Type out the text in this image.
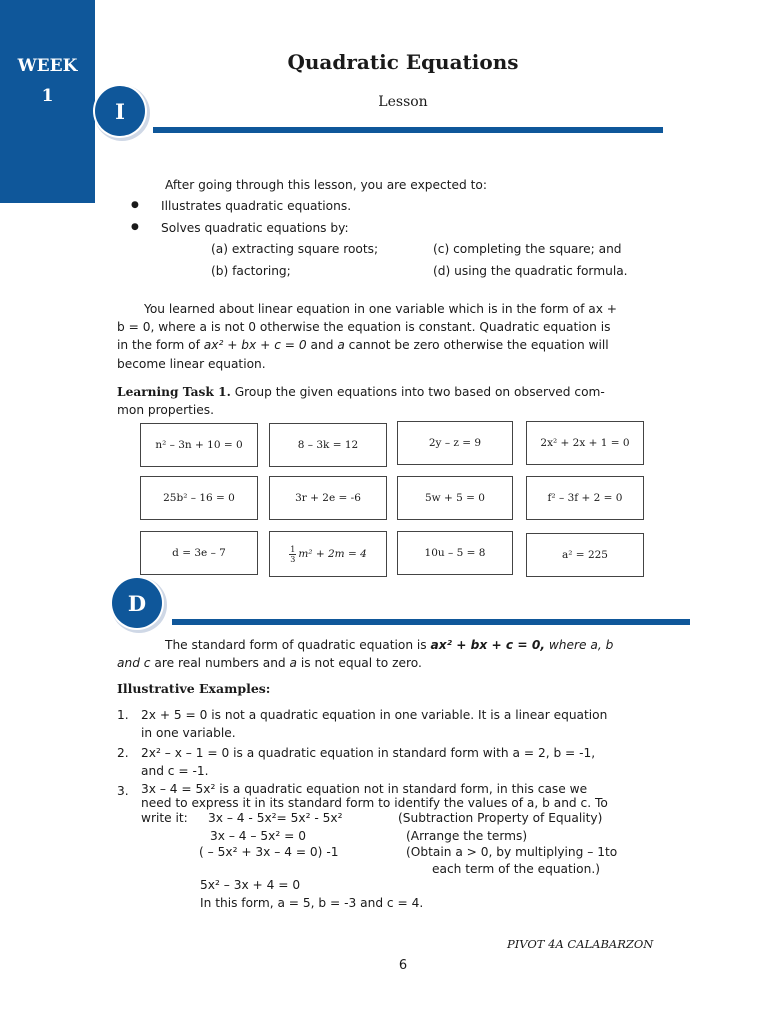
WEEK
1
Quadratic Equations
Lesson
I
After going through this lesson, you are expected to:
● Illustrates quadratic equations.
● Solves quadratic equations by:
(a) extracting square roots;	(c) completing the square; and
(b) factoring;	(d) using the quadratic formula.
You learned about linear equation in one variable which is in the form of ax +
b = 0, where a is not 0 otherwise the equation is constant. Quadratic equation is
in the form of ax² + bx + c = 0 and a cannot be zero otherwise the equation will
become linear equation.
Learning Task 1. Group the given equations into two based on observed com-
mon properties.
n² – 3n + 10 = 0	8 – 3k = 12	2y – z = 9	2x² + 2x + 1 = 0
25b² – 16 = 0	3r + 2e = -6	5w + 5 = 0	f² – 3f + 2 = 0
d = 3e – 7	$\frac{1}{3} m^2 + 2m = 4$	10u – 5 = 8	a² = 225
D
The standard form of quadratic equation is ax² + bx + c = 0, where a, b
and c are real numbers and a is not equal to zero.
Illustrative Examples:
1. 2x + 5 = 0 is not a quadratic equation in one variable. It is a linear equation
in one variable.
2. 2x² – x – 1 = 0 is a quadratic equation in standard form with a = 2, b = -1,
and c = -1.
3. 3x – 4 = 5x² is a quadratic equation not in standard form, in this case we
need to express it in its standard form to identify the values of a, b and c. To
write it: 3x – 4 - 5x²= 5x² - 5x²	(Subtraction Property of Equality)
3x – 4 – 5x² = 0	(Arrange the terms)
( – 5x² + 3x – 4 = 0) -1	(Obtain a > 0, by multiplying – 1to
each term of the equation.)
5x² – 3x + 4 = 0
In this form, a = 5, b = -3 and c = 4.
PIVOT 4A CALABARZON
6
